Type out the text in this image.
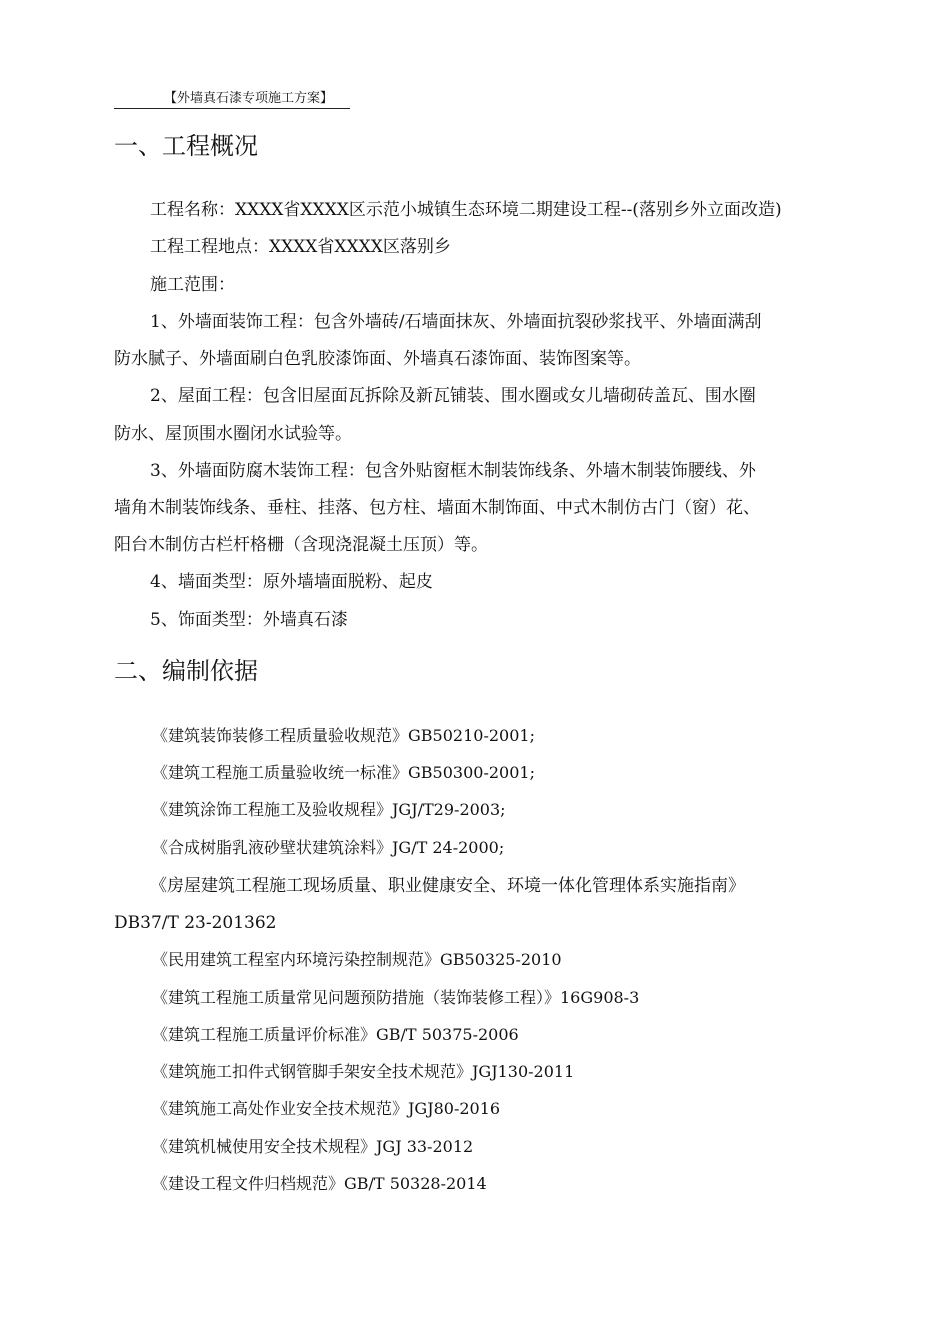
【外墙真石漆专项施工方案】
一、工程概况
工程名称：XXXX省XXXX区示范小城镇生态环境二期建设工程--(落别乡外立面改造)
工程工程地点：XXXX省XXXX区落别乡
施工范围：
1、外墙面装饰工程：包含外墙砖/石墙面抹灰、外墙面抗裂砂浆找平、外墙面满刮
防水腻子、外墙面刷白色乳胶漆饰面、外墙真石漆饰面、装饰图案等。
2、屋面工程：包含旧屋面瓦拆除及新瓦铺装、围水圈或女儿墙砌砖盖瓦、围水圈
防水、屋顶围水圈闭水试验等。
3、外墙面防腐木装饰工程：包含外贴窗框木制装饰线条、外墙木制装饰腰线、外
墙角木制装饰线条、垂柱、挂落、包方柱、墙面木制饰面、中式木制仿古门（窗）花、
阳台木制仿古栏杆格栅（含现浇混凝土压顶）等。
4、墙面类型：原外墙墙面脱粉、起皮
5、饰面类型：外墙真石漆
二、编制依据
《建筑装饰装修工程质量验收规范》GB50210-2001;
《建筑工程施工质量验收统一标准》GB50300-2001;
《建筑涂饰工程施工及验收规程》JGJ/T29-2003;
《合成树脂乳液砂壁状建筑涂料》JG/T 24-2000;
《房屋建筑工程施工现场质量、职业健康安全、环境一体化管理体系实施指南》
DB37/T 23-201362
《民用建筑工程室内环境污染控制规范》GB50325-2010
《建筑工程施工质量常见问题预防措施（装饰装修工程）》16G908-3
《建筑工程施工质量评价标准》GB/T 50375-2006
《建筑施工扣件式钢管脚手架安全技术规范》JGJ130-2011
《建筑施工高处作业安全技术规范》JGJ80-2016
《建筑机械使用安全技术规程》JGJ 33-2012
《建设工程文件归档规范》GB/T 50328-2014
